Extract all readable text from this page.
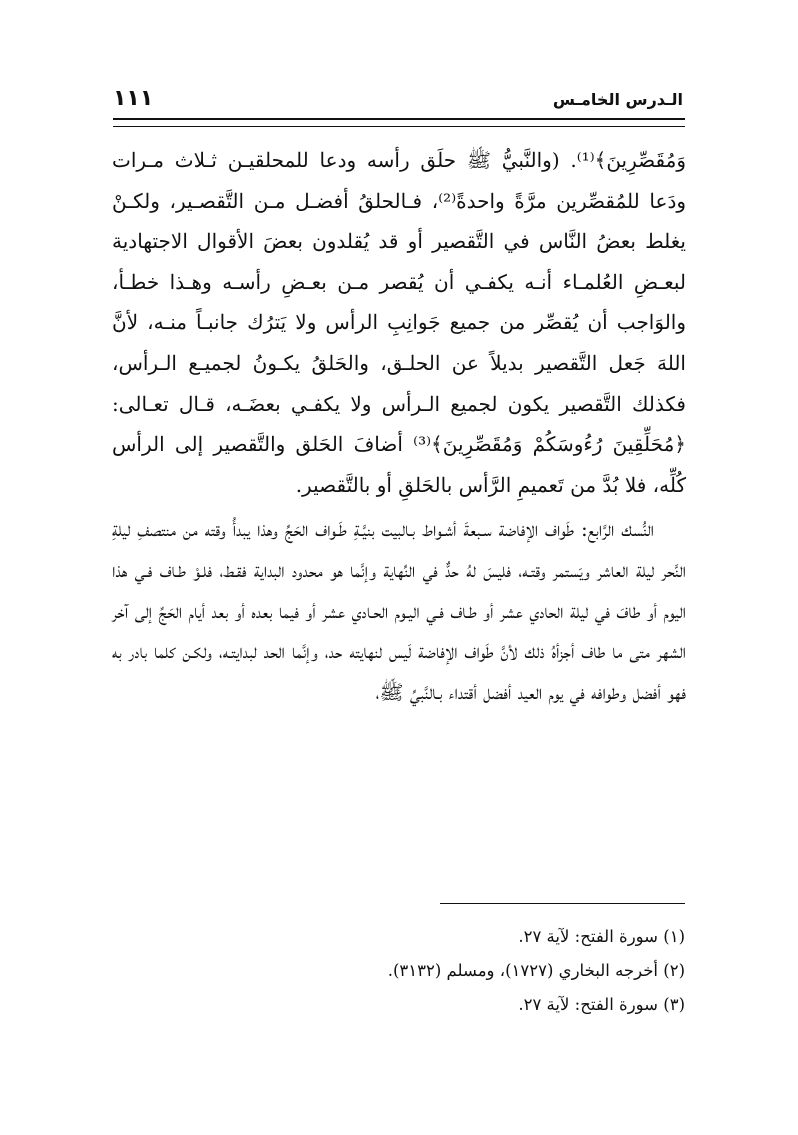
الـدرس الخامـس
١١١

وَمُقَصِّرِينَ﴾⁽¹⁾. (والنَّبيُّ ﷺ حلَق رأسه ودعا للمحلقيـن ثـلاث مـرات ودَعا للمُقصِّرين مرَّةً واحدةً⁽²⁾، فـالحلقُ أفضـل مـن التَّقصـير، ولكـنْ يغلط بعضُ النَّاس في التَّقصير أو قد يُقلدون بعضَ الأقوال الاجتهادية لبعـضِ العُلمـاء أنـه يكفـي أن يُقصر مـن بعـضِ رأسـه وهـذا خطـأ، والوَاجب أن يُقصِّر من جميع جَوانِبِ الرأس ولا يَترُك جانبـاً منـه، لأنَّ اللهَ جَعل التَّقصير بديلاً عن الحلـق، والحَلقُ يكـونُ لجميـع الـرأس، فكذلك التَّقصير يكون لجميع الـرأس ولا يكفـي بعضَـه، قـال تعـالى: ﴿مُحَلِّقِينَ رُءُوسَكُمْ وَمُقَصِّرِينَ﴾⁽³⁾ أضافَ الحَلق والتَّقصير إلى الرأس كُلِّه، فلا بُدَّ من تَعميمِ الرَّأس بالحَلقِ أو بالتَّقصير.

النُّسك الرَّابع: طَواف الإفاضة سـبعةَ أشـواط بـالبيت بنيَّـةِ طَـواف الحَجِّ وهذا يبدأُ وقته من منتصفِ ليلةِ النَّحر ليلة العاشر ويَستمر وقتـه، فليسَ لهُ حدٌّ في النِّهاية وإنَّما هو محدود البداية فقـط، فلـوْ طـاف فـي هذا اليوم أو طافَ في ليلة الحادي عشر أو طـاف فـي اليـوم الحـادي عشر أو فيما بعده أو بعد أيام الحَجِّ إلى آخر الشهر متى ما طاف أجزأهُ ذلك لأنَّ طَواف الإفاضة لَيس لنهايته حد، وإنَّما الحد لبدايتـه، ولكـن كلما بادر به فهو أفضل وطوافه في يوم العيد أفضل أقتداء بـالنَّبيِّ ﷺ،

(١) سورة الفتح: لآية ٢٧.

(٢) أخرجه البخاري (١٧٢٧)، ومسلم (٣١٣٢).

(٣) سورة الفتح: لآية ٢٧.
